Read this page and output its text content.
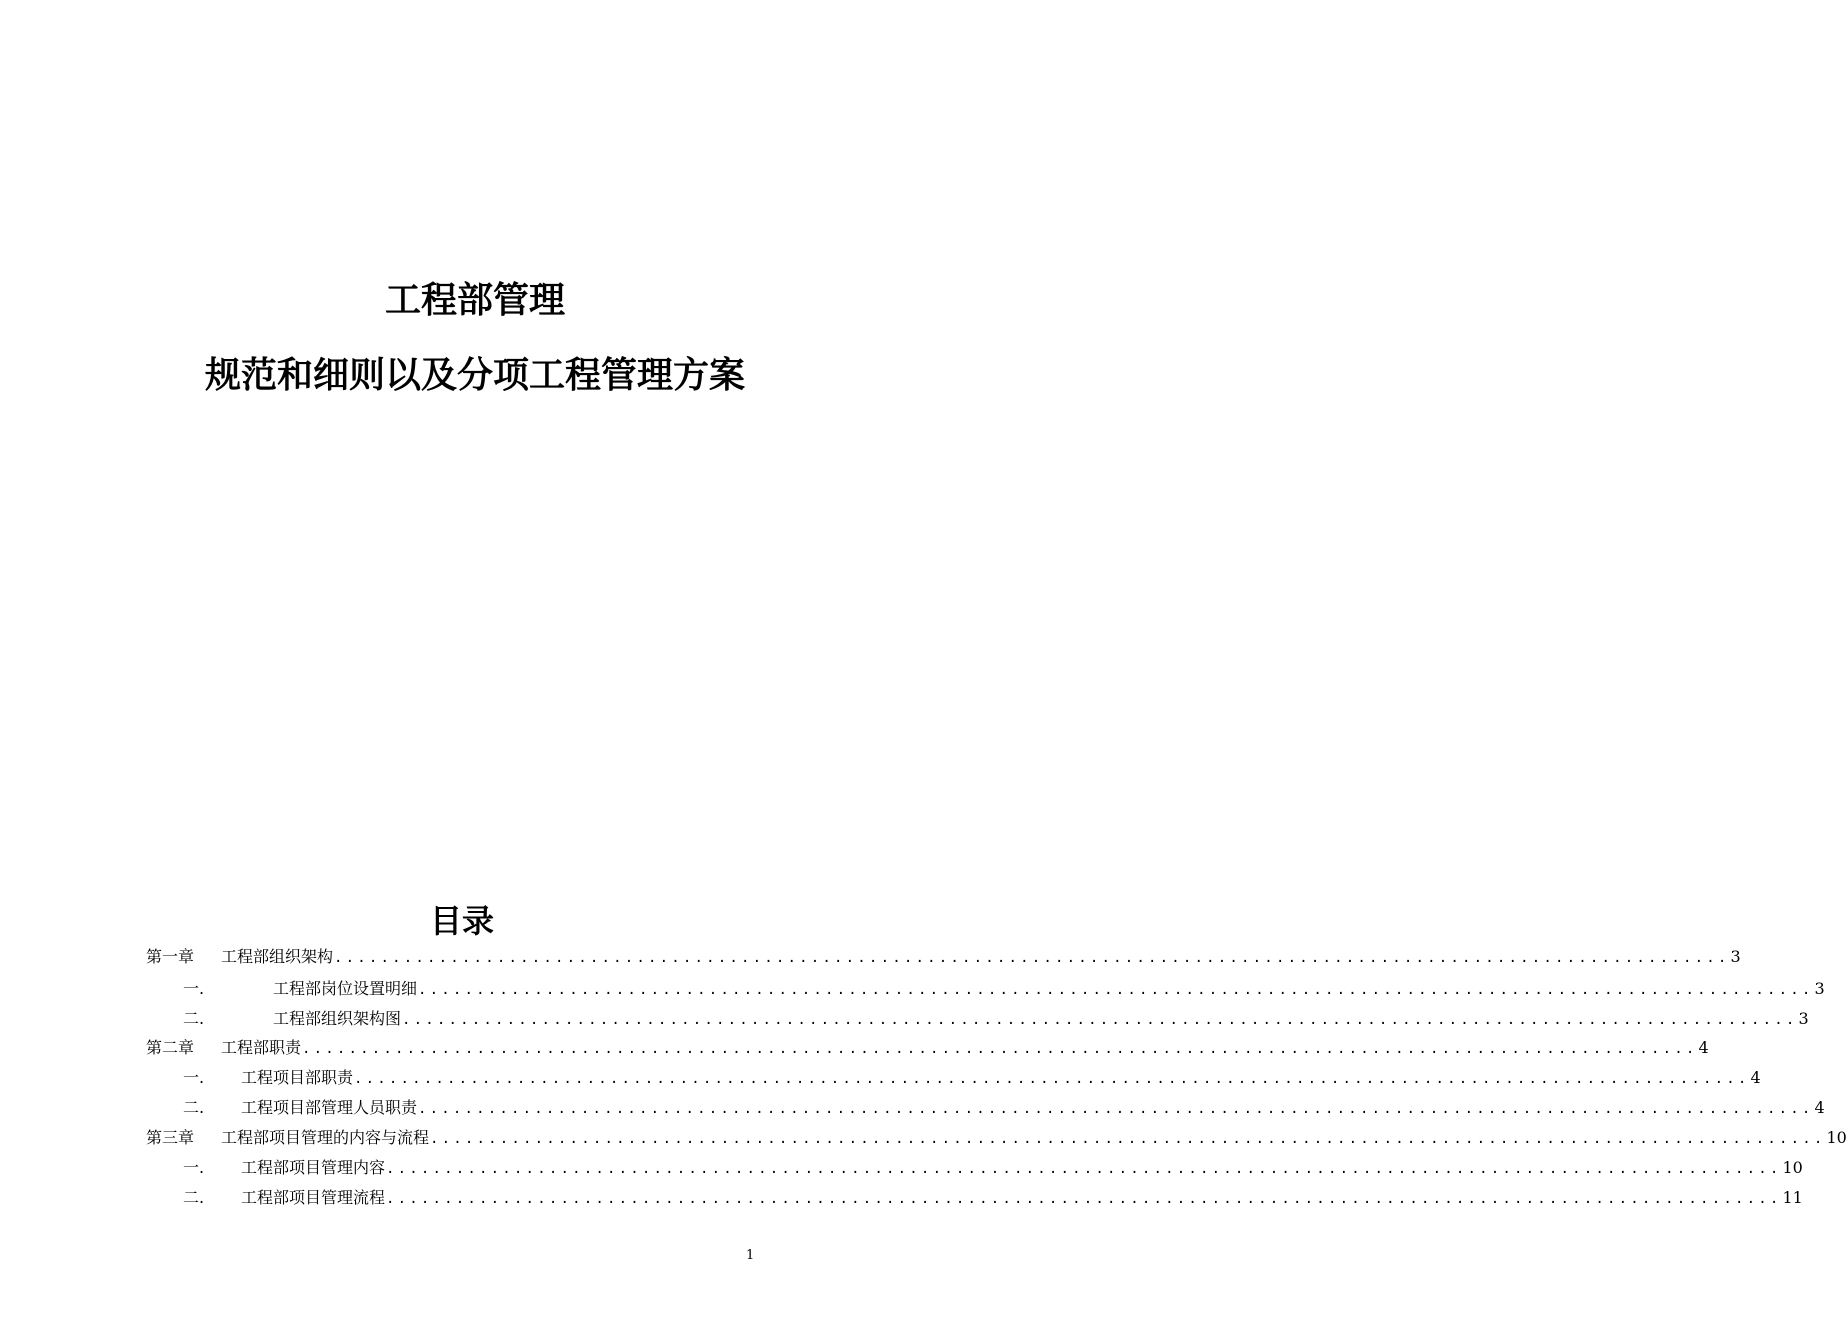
工程部管理
规范和细则以及分项工程管理方案
目录
第一章	工程部组织架构 ........................................................................................................................ 3
一.	工程部岗位设置明细 ........................................................................................................................ 3
二.	工程部组织架构图 ........................................................................................................................ 3
第二章	工程部职责 ........................................................................................................................ 4
一.	工程项目部职责 ........................................................................................................................ 4
二.	工程项目部管理人员职责 ........................................................................................................................ 4
第三章	工程部项目管理的内容与流程 ........................................................................................................................ 10
一.	工程部项目管理内容 ........................................................................................................................ 10
二.	工程部项目管理流程 ........................................................................................................................ 11
1
